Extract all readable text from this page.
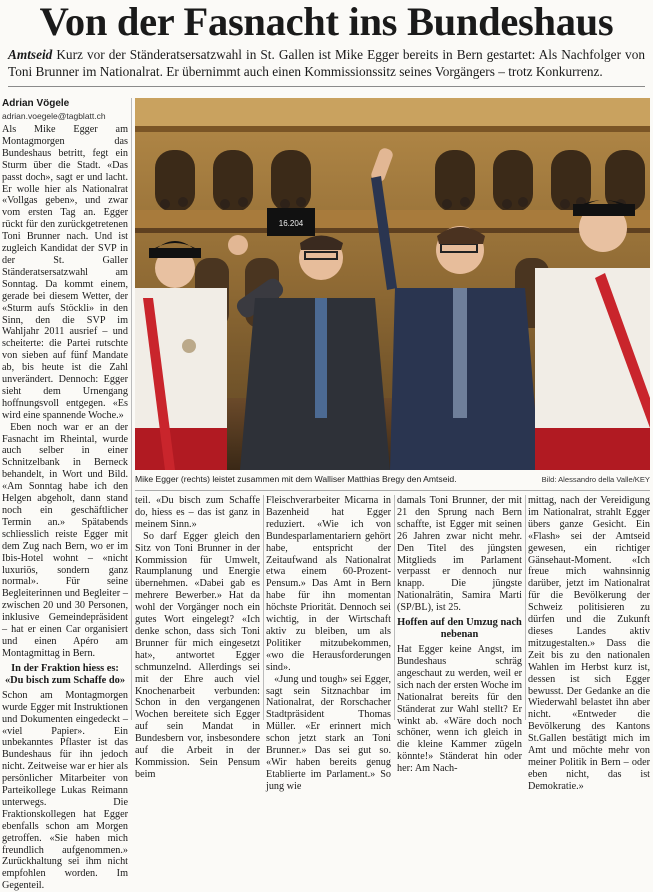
Von der Fasnacht ins Bundeshaus
Amtseid Kurz vor der Ständeratsersatzwahl in St. Gallen ist Mike Egger bereits in Bern gestartet: Als Nachfolger von Toni Brunner im Nationalrat. Er übernimmt auch einen Kommissionssitz seines Vorgängers – trotz Konkurrenz.
Adrian Vögele
adrian.voegele@tagblatt.ch

Als Mike Egger am Montagmorgen das Bundeshaus betritt, fegt ein Sturm über die Stadt. «Das passt doch», sagt er und lacht. Er wolle hier als Nationalrat «Vollgas geben», und zwar vom ersten Tag an. Egger rückt für den zurückgetretenen Toni Brunner nach. Und ist zugleich Kandidat der SVP in der St. Galler Ständeratsersatzwahl am Sonntag. Da kommt einem, gerade bei diesem Wetter, der «Sturm aufs Stöckli» in den Sinn, den die SVP im Wahljahr 2011 ausrief – und scheiterte: die Partei rutschte von sieben auf fünf Mandate ab, bis heute ist die Zahl unverändert. Dennoch: Egger sieht dem Urnengang hoffnungsvoll entgegen. «Es wird eine spannende Woche.»

Eben noch war er an der Fasnacht im Rheintal, wurde auch selber in einer Schnitzelbank in Berneck behandelt, in Wort und Bild. «Am Sonntag habe ich den Helgen abgeholt, dann stand noch ein geschäftlicher Termin an.» Spätabends schliesslich reiste Egger mit dem Zug nach Bern, wo er im Ibis-Hotel wohnt – «nicht luxuriös, sondern ganz normal». Für seine Begleiterinnen und Begleiter – zwischen 20 und 30 Personen, inklusive Gemeindepräsident – hat er einen Car organisiert und einen Apéro am Montagmittag in Bern.

In der Fraktion hiess es: «Du bisch zum Schaffe do»

Schon am Montagmorgen wurde Egger mit Instruktionen und Dokumenten eingedeckt – «viel Papier». Ein unbekanntes Pflaster ist das Bundeshaus für ihn jedoch nicht. Zeitweise war er hier als persönlicher Mitarbeiter von Parteikollege Lukas Reimann unterwegs. Die Fraktionskollegen hat Egger ebenfalls schon am Morgen getroffen. «Sie haben mich freundlich aufgenommen.» Zurückhaltung sei ihm nicht empfohlen worden. Im Gegenteil.

16.204
Mike Egger (rechts) leistet zusammen mit dem Walliser Matthias Bregy den Amtseid.	Bild: Alessandro della Valle/KEY

teil. «Du bisch zum Schaffe do, hiess es – das ist ganz in meinem Sinn.»

So darf Egger gleich den Sitz von Toni Brunner in der Kommission für Umwelt, Raumplanung und Energie übernehmen. «Dabei gab es mehrere Bewerber.» Hat da wohl der Vorgänger noch ein gutes Wort eingelegt? «Ich denke schon, dass sich Toni Brunner für mich eingesetzt hat», antwortet Egger schmunzelnd. Allerdings sei mit der Ehre auch viel Knochenarbeit verbunden: Schon in den vergangenen Wochen bereitete sich Egger auf sein Mandat in Bundesbern vor, insbesondere auf die Arbeit in der Kommission. Sein Pensum beim

Fleischverarbeiter Micarna in Bazenheid hat Egger reduziert. «Wie ich von Bundesparlamentariern gehört habe, entspricht der Zeitaufwand als Nationalrat etwa einem 60-Prozent-Pensum.» Das Amt in Bern habe für ihn momentan höchste Priorität. Dennoch sei wichtig, in der Wirtschaft aktiv zu bleiben, um als Politiker mitzubekommen, «wo die Herausforderungen sind».

«Jung und tough» sei Egger, sagt sein Sitznachbar im Nationalrat, der Rorschacher Stadtpräsident Thomas Müller. «Er erinnert mich schon jetzt stark an Toni Brunner.» Das sei gut so. «Wir haben bereits genug Etablierte im Parlament.» So jung wie

damals Toni Brunner, der mit 21 den Sprung nach Bern schaffte, ist Egger mit seinen 26 Jahren zwar nicht mehr. Den Titel des jüngsten Mitglieds im Parlament verpasst er dennoch nur knapp. Die jüngste Nationalrätin, Samira Marti (SP/BL), ist 25.

Hoffen auf den Umzug nach nebenan

Hat Egger keine Angst, im Bundeshaus schräg angeschaut zu werden, weil er sich nach der ersten Woche im Nationalrat bereits für den Ständerat zur Wahl stellt? Er winkt ab. «Wäre doch noch schöner, wenn ich gleich in die kleine Kammer zügeln könnte!» Ständerat hin oder her: Am Nach-

mittag, nach der Vereidigung im Nationalrat, strahlt Egger übers ganze Gesicht. Ein «Flash» sei der Amtseid gewesen, ein richtiger Gänsehaut-Moment. «Ich freue mich wahnsinnig darüber, jetzt im Nationalrat für die Bevölkerung der Schweiz politisieren zu dürfen und die Zukunft dieses Landes aktiv mitzugestalten.» Dass die Zeit bis zu den nationalen Wahlen im Herbst kurz ist, dessen ist sich Egger bewusst. Der Gedanke an die Wiederwahl belastet ihn aber nicht. «Entweder die Bevölkerung des Kantons St.Gallen bestätigt mich im Amt und möchte mehr von meiner Politik in Bern – oder eben nicht, das ist Demokratie.»
